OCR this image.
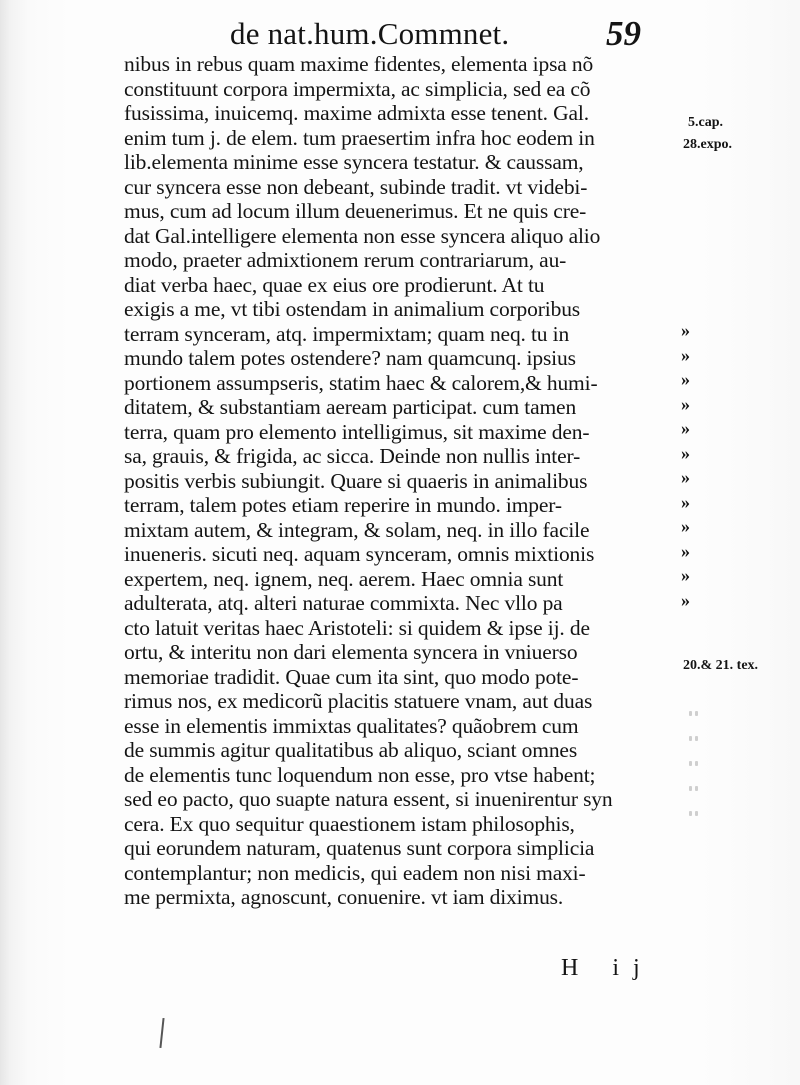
de nat.hum.Commnet.	59
nibus in rebus quam maxime fidentes, elementa ipsa nõ
constituunt corpora impermixta, ac simplicia, sed ea cõ
fusissima, inuicemq. maxime admixta esse tenent. Gal.
enim tum j. de elem. tum praesertim infra hoc eodem in
lib.elementa minime esse syncera testatur. & caussam,
cur syncera esse non debeant, subinde tradit. vt videbi-
mus, cum ad locum illum deuenerimus. Et ne quis cre-
dat Gal.intelligere elementa non esse syncera aliquo alio
modo, praeter admixtionem rerum contrariarum, au-
diat verba haec, quae ex eius ore prodierunt. At tu
exigis a me, vt tibi ostendam in animalium corporibus
terram synceram, atq. impermixtam; quam neq. tu in
mundo talem potes ostendere? nam quamcunq. ipsius
portionem assumpseris, statim haec & calorem,& humi-
ditatem, & substantiam aeream participat. cum tamen
terra, quam pro elemento intelligimus, sit maxime den-
sa, grauis, & frigida, ac sicca. Deinde non nullis inter-
positis verbis subiungit. Quare si quaeris in animalibus
terram, talem potes etiam reperire in mundo. imper-
mixtam autem, & integram, & solam, neq. in illo facile
inueneris. sicuti neq. aquam synceram, omnis mixtionis
expertem, neq. ignem, neq. aerem. Haec omnia sunt
adulterata, atq. alteri naturae commixta. Nec vllo pa
cto latuit veritas haec Aristoteli: si quidem & ipse ij. de
ortu, & interitu non dari elementa syncera in vniuerso
memoriae tradidit. Quae cum ita sint, quo modo pote-
rimus nos, ex medicorũ placitis statuere vnam, aut duas
esse in elementis immixtas qualitates? quãobrem cum
de summis agitur qualitatibus ab aliquo, sciant omnes
de elementis tunc loquendum non esse, pro vtse habent;
sed eo pacto, quo suapte natura essent, si inuenirentur syn
cera. Ex quo sequitur quaestionem istam philosophis,
qui eorundem naturam, quatenus sunt corpora simplicia
contemplantur; non medicis, qui eadem non nisi maxi-
me permixta, agnoscunt, conuenire. vt iam diximus.
5.cap.
28.expo.
20.& 21. tex.
»
»
»
»
»
»
»
»
»
»
»
»
H ij
